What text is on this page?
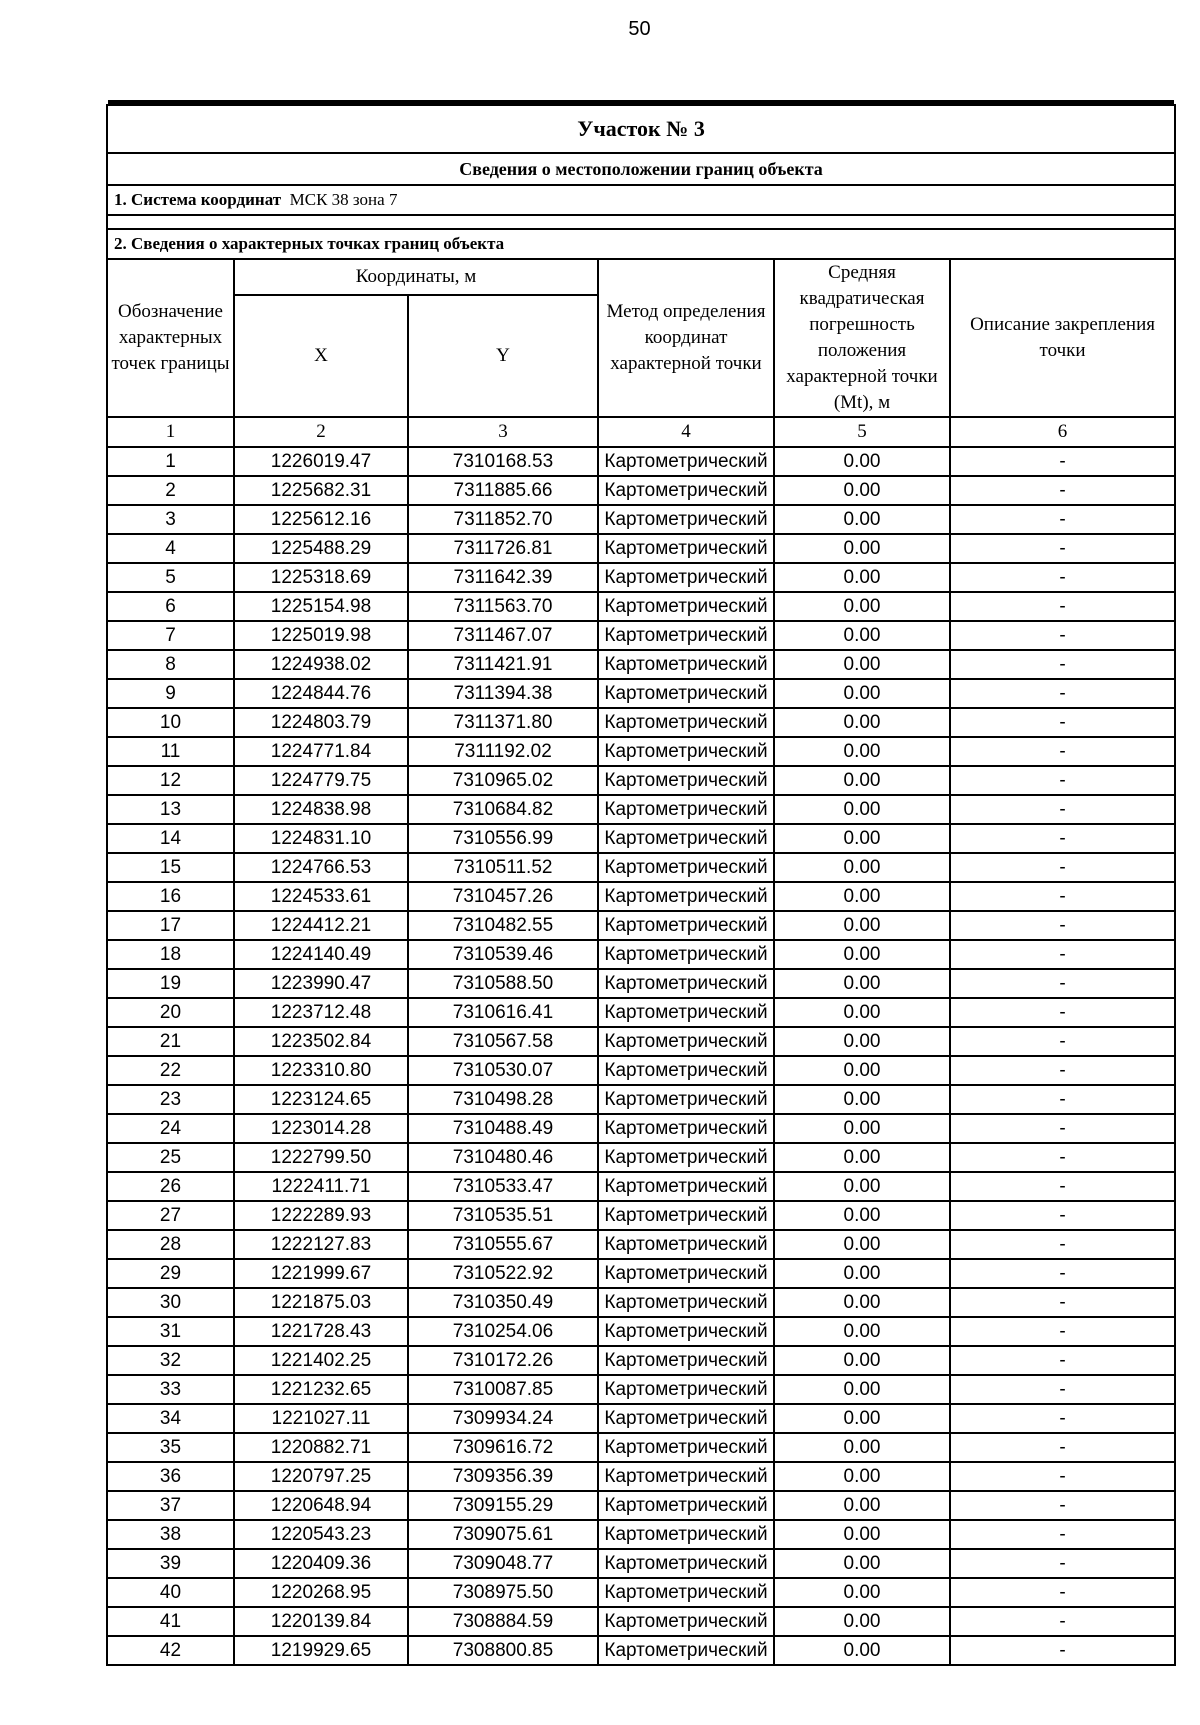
50
Участок № 3					
Сведения о местоположении границ объекта					
1. Система координат МСК 38 зона 7					

2. Сведения о характерных точках границ объекта					
Обозначение характерных точек границы	Координаты, м		Метод определения координат характерной точки	Средняя квадратическая погрешность положения характерной точки (Mt), м	Описание закрепления точки
	X	Y			
1	2	3	4	5	6
1	1226019.47	7310168.53	Картометрический	0.00	-
2	1225682.31	7311885.66	Картометрический	0.00	-
3	1225612.16	7311852.70	Картометрический	0.00	-
4	1225488.29	7311726.81	Картометрический	0.00	-
5	1225318.69	7311642.39	Картометрический	0.00	-
6	1225154.98	7311563.70	Картометрический	0.00	-
7	1225019.98	7311467.07	Картометрический	0.00	-
8	1224938.02	7311421.91	Картометрический	0.00	-
9	1224844.76	7311394.38	Картометрический	0.00	-
10	1224803.79	7311371.80	Картометрический	0.00	-
11	1224771.84	7311192.02	Картометрический	0.00	-
12	1224779.75	7310965.02	Картометрический	0.00	-
13	1224838.98	7310684.82	Картометрический	0.00	-
14	1224831.10	7310556.99	Картометрический	0.00	-
15	1224766.53	7310511.52	Картометрический	0.00	-
16	1224533.61	7310457.26	Картометрический	0.00	-
17	1224412.21	7310482.55	Картометрический	0.00	-
18	1224140.49	7310539.46	Картометрический	0.00	-
19	1223990.47	7310588.50	Картометрический	0.00	-
20	1223712.48	7310616.41	Картометрический	0.00	-
21	1223502.84	7310567.58	Картометрический	0.00	-
22	1223310.80	7310530.07	Картометрический	0.00	-
23	1223124.65	7310498.28	Картометрический	0.00	-
24	1223014.28	7310488.49	Картометрический	0.00	-
25	1222799.50	7310480.46	Картометрический	0.00	-
26	1222411.71	7310533.47	Картометрический	0.00	-
27	1222289.93	7310535.51	Картометрический	0.00	-
28	1222127.83	7310555.67	Картометрический	0.00	-
29	1221999.67	7310522.92	Картометрический	0.00	-
30	1221875.03	7310350.49	Картометрический	0.00	-
31	1221728.43	7310254.06	Картометрический	0.00	-
32	1221402.25	7310172.26	Картометрический	0.00	-
33	1221232.65	7310087.85	Картометрический	0.00	-
34	1221027.11	7309934.24	Картометрический	0.00	-
35	1220882.71	7309616.72	Картометрический	0.00	-
36	1220797.25	7309356.39	Картометрический	0.00	-
37	1220648.94	7309155.29	Картометрический	0.00	-
38	1220543.23	7309075.61	Картометрический	0.00	-
39	1220409.36	7309048.77	Картометрический	0.00	-
40	1220268.95	7308975.50	Картометрический	0.00	-
41	1220139.84	7308884.59	Картометрический	0.00	-
42	1219929.65	7308800.85	Картометрический	0.00	-
